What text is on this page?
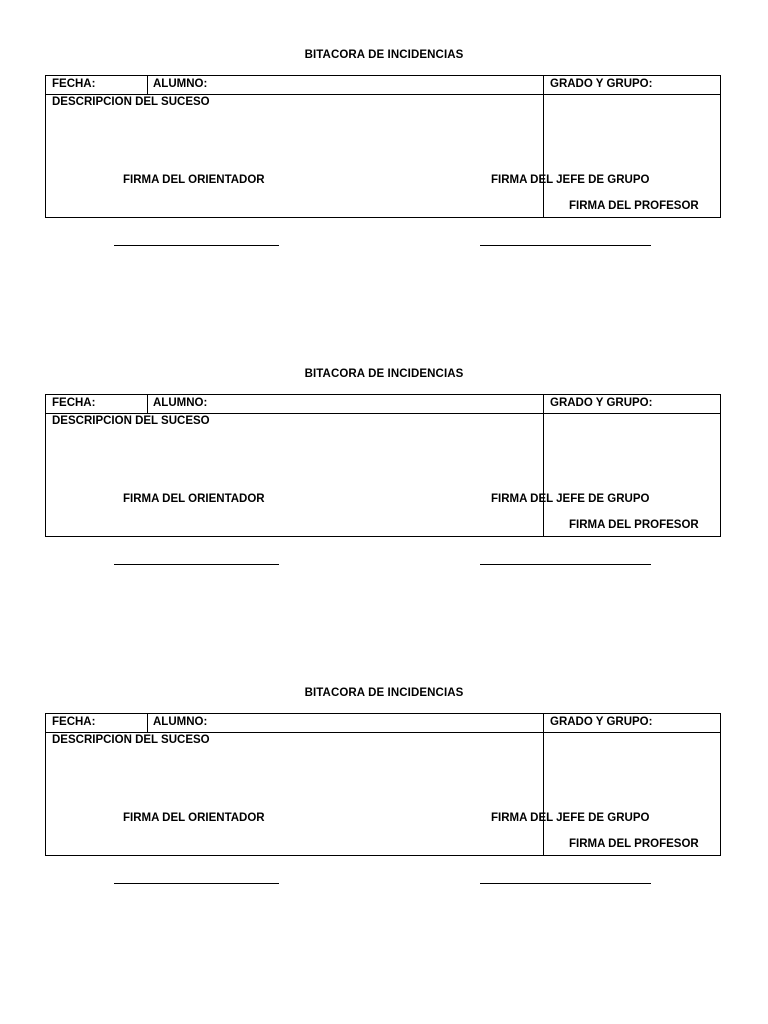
BITACORA DE INCIDENCIAS
FECHA:	ALUMNO:	GRADO Y GRUPO:
DESCRIPCION DEL SUCESO
FIRMA DEL PROFESOR
FIRMA DEL ORIENTADOR	FIRMA DEL JEFE DE GRUPO
BITACORA DE INCIDENCIAS
FECHA:	ALUMNO:	GRADO Y GRUPO:
DESCRIPCION DEL SUCESO
FIRMA DEL PROFESOR
FIRMA DEL ORIENTADOR	FIRMA DEL JEFE DE GRUPO
BITACORA DE INCIDENCIAS
FECHA:	ALUMNO:	GRADO Y GRUPO:
DESCRIPCION DEL SUCESO
FIRMA DEL PROFESOR
FIRMA DEL ORIENTADOR	FIRMA DEL JEFE DE GRUPO
